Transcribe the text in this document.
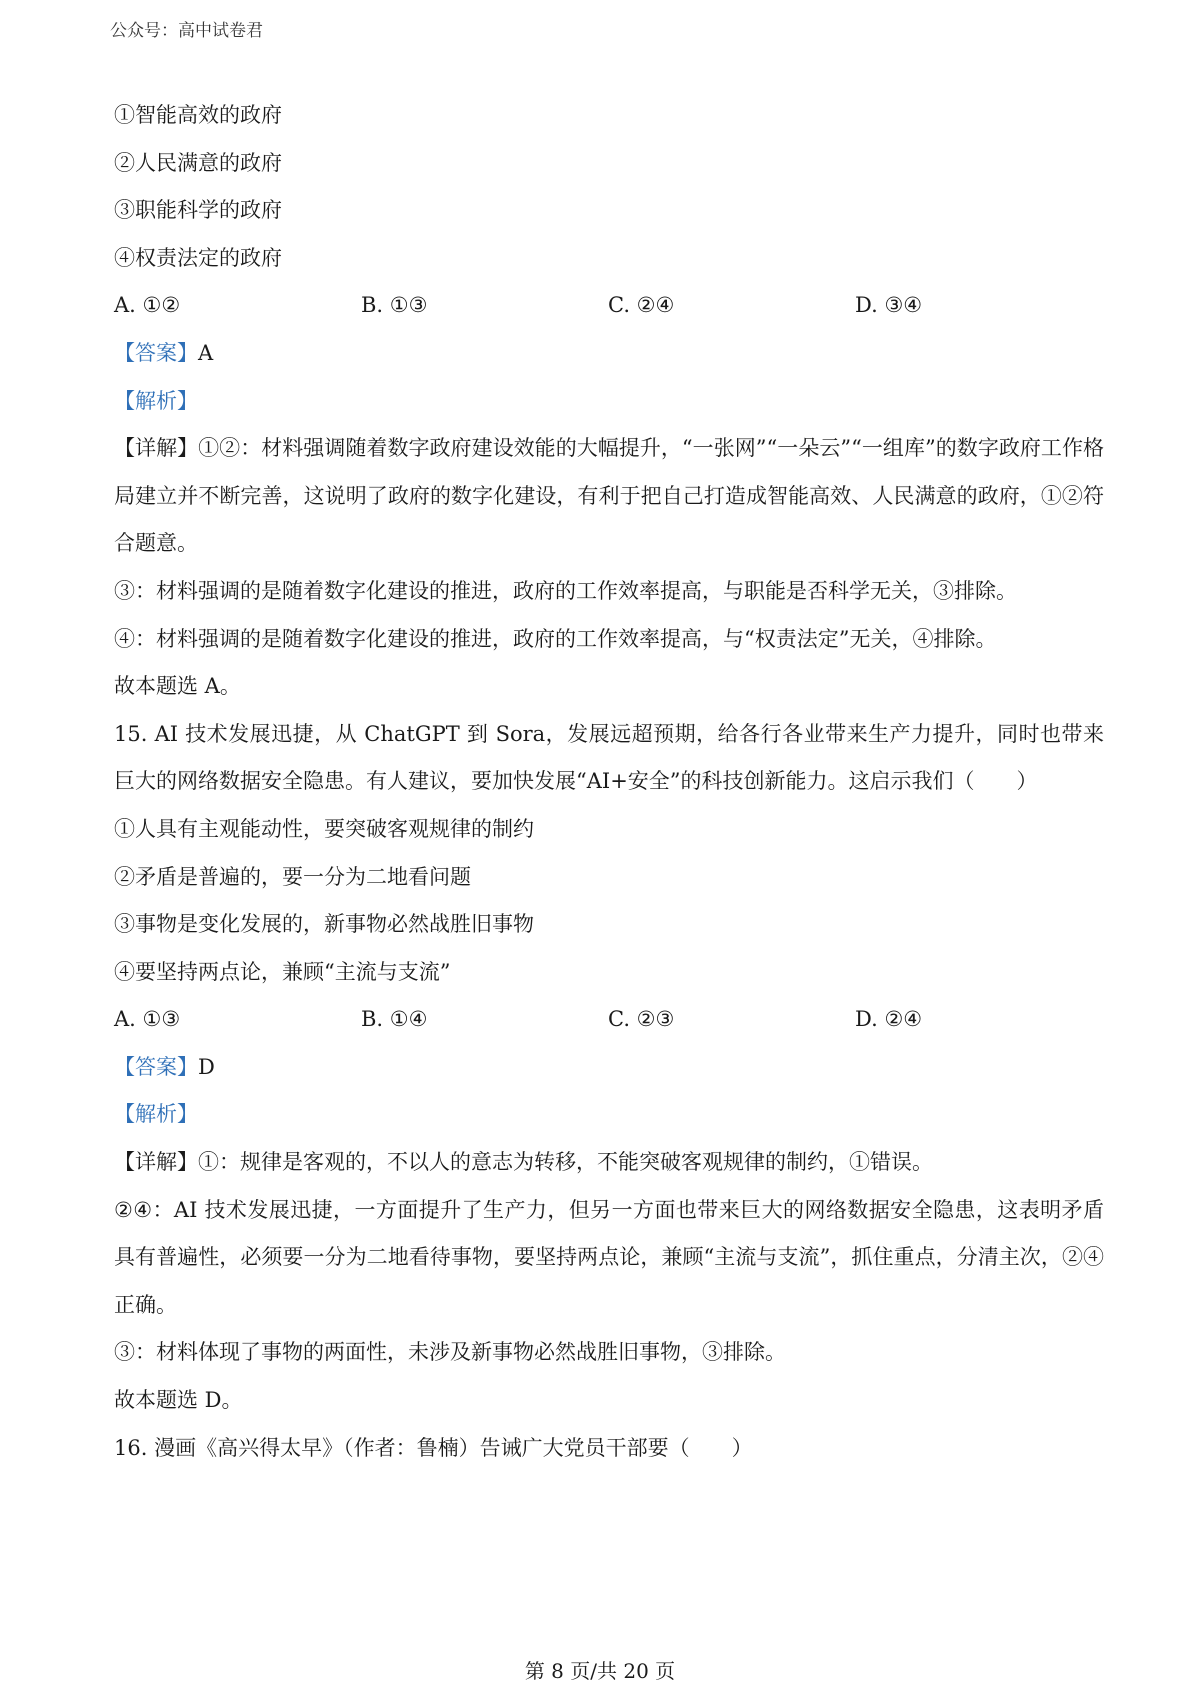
公众号：高中试卷君
①智能高效的政府
②人民满意的政府
③职能科学的政府
④权责法定的政府
A. ①②	B. ①③	C. ②④	D. ③④
【答案】A
【解析】
【详解】①②：材料强调随着数字政府建设效能的大幅提升，“一张网”“一朵云”“一组库”的数字政府工作格局建立并不断完善，这说明了政府的数字化建设，有利于把自己打造成智能高效、人民满意的政府，①②符合题意。
③：材料强调的是随着数字化建设的推进，政府的工作效率提高，与职能是否科学无关，③排除。
④：材料强调的是随着数字化建设的推进，政府的工作效率提高，与“权责法定”无关，④排除。
故本题选 A。
15. AI 技术发展迅捷，从 ChatGPT 到 Sora，发展远超预期，给各行各业带来生产力提升，同时也带来巨大的网络数据安全隐患。有人建议，要加快发展“AI+安全”的科技创新能力。这启示我们（　　）
①人具有主观能动性，要突破客观规律的制约
②矛盾是普遍的，要一分为二地看问题
③事物是变化发展的，新事物必然战胜旧事物
④要坚持两点论，兼顾“主流与支流”
A. ①③	B. ①④	C. ②③	D. ②④
【答案】D
【解析】
【详解】①：规律是客观的，不以人的意志为转移，不能突破客观规律的制约，①错误。
②④：AI 技术发展迅捷，一方面提升了生产力，但另一方面也带来巨大的网络数据安全隐患，这表明矛盾具有普遍性，必须要一分为二地看待事物，要坚持两点论，兼顾“主流与支流”，抓住重点，分清主次，②④正确。
③：材料体现了事物的两面性，未涉及新事物必然战胜旧事物，③排除。
故本题选 D。
16. 漫画《高兴得太早》（作者：鲁楠）告诫广大党员干部要（　　）
第 8 页/共 20 页
